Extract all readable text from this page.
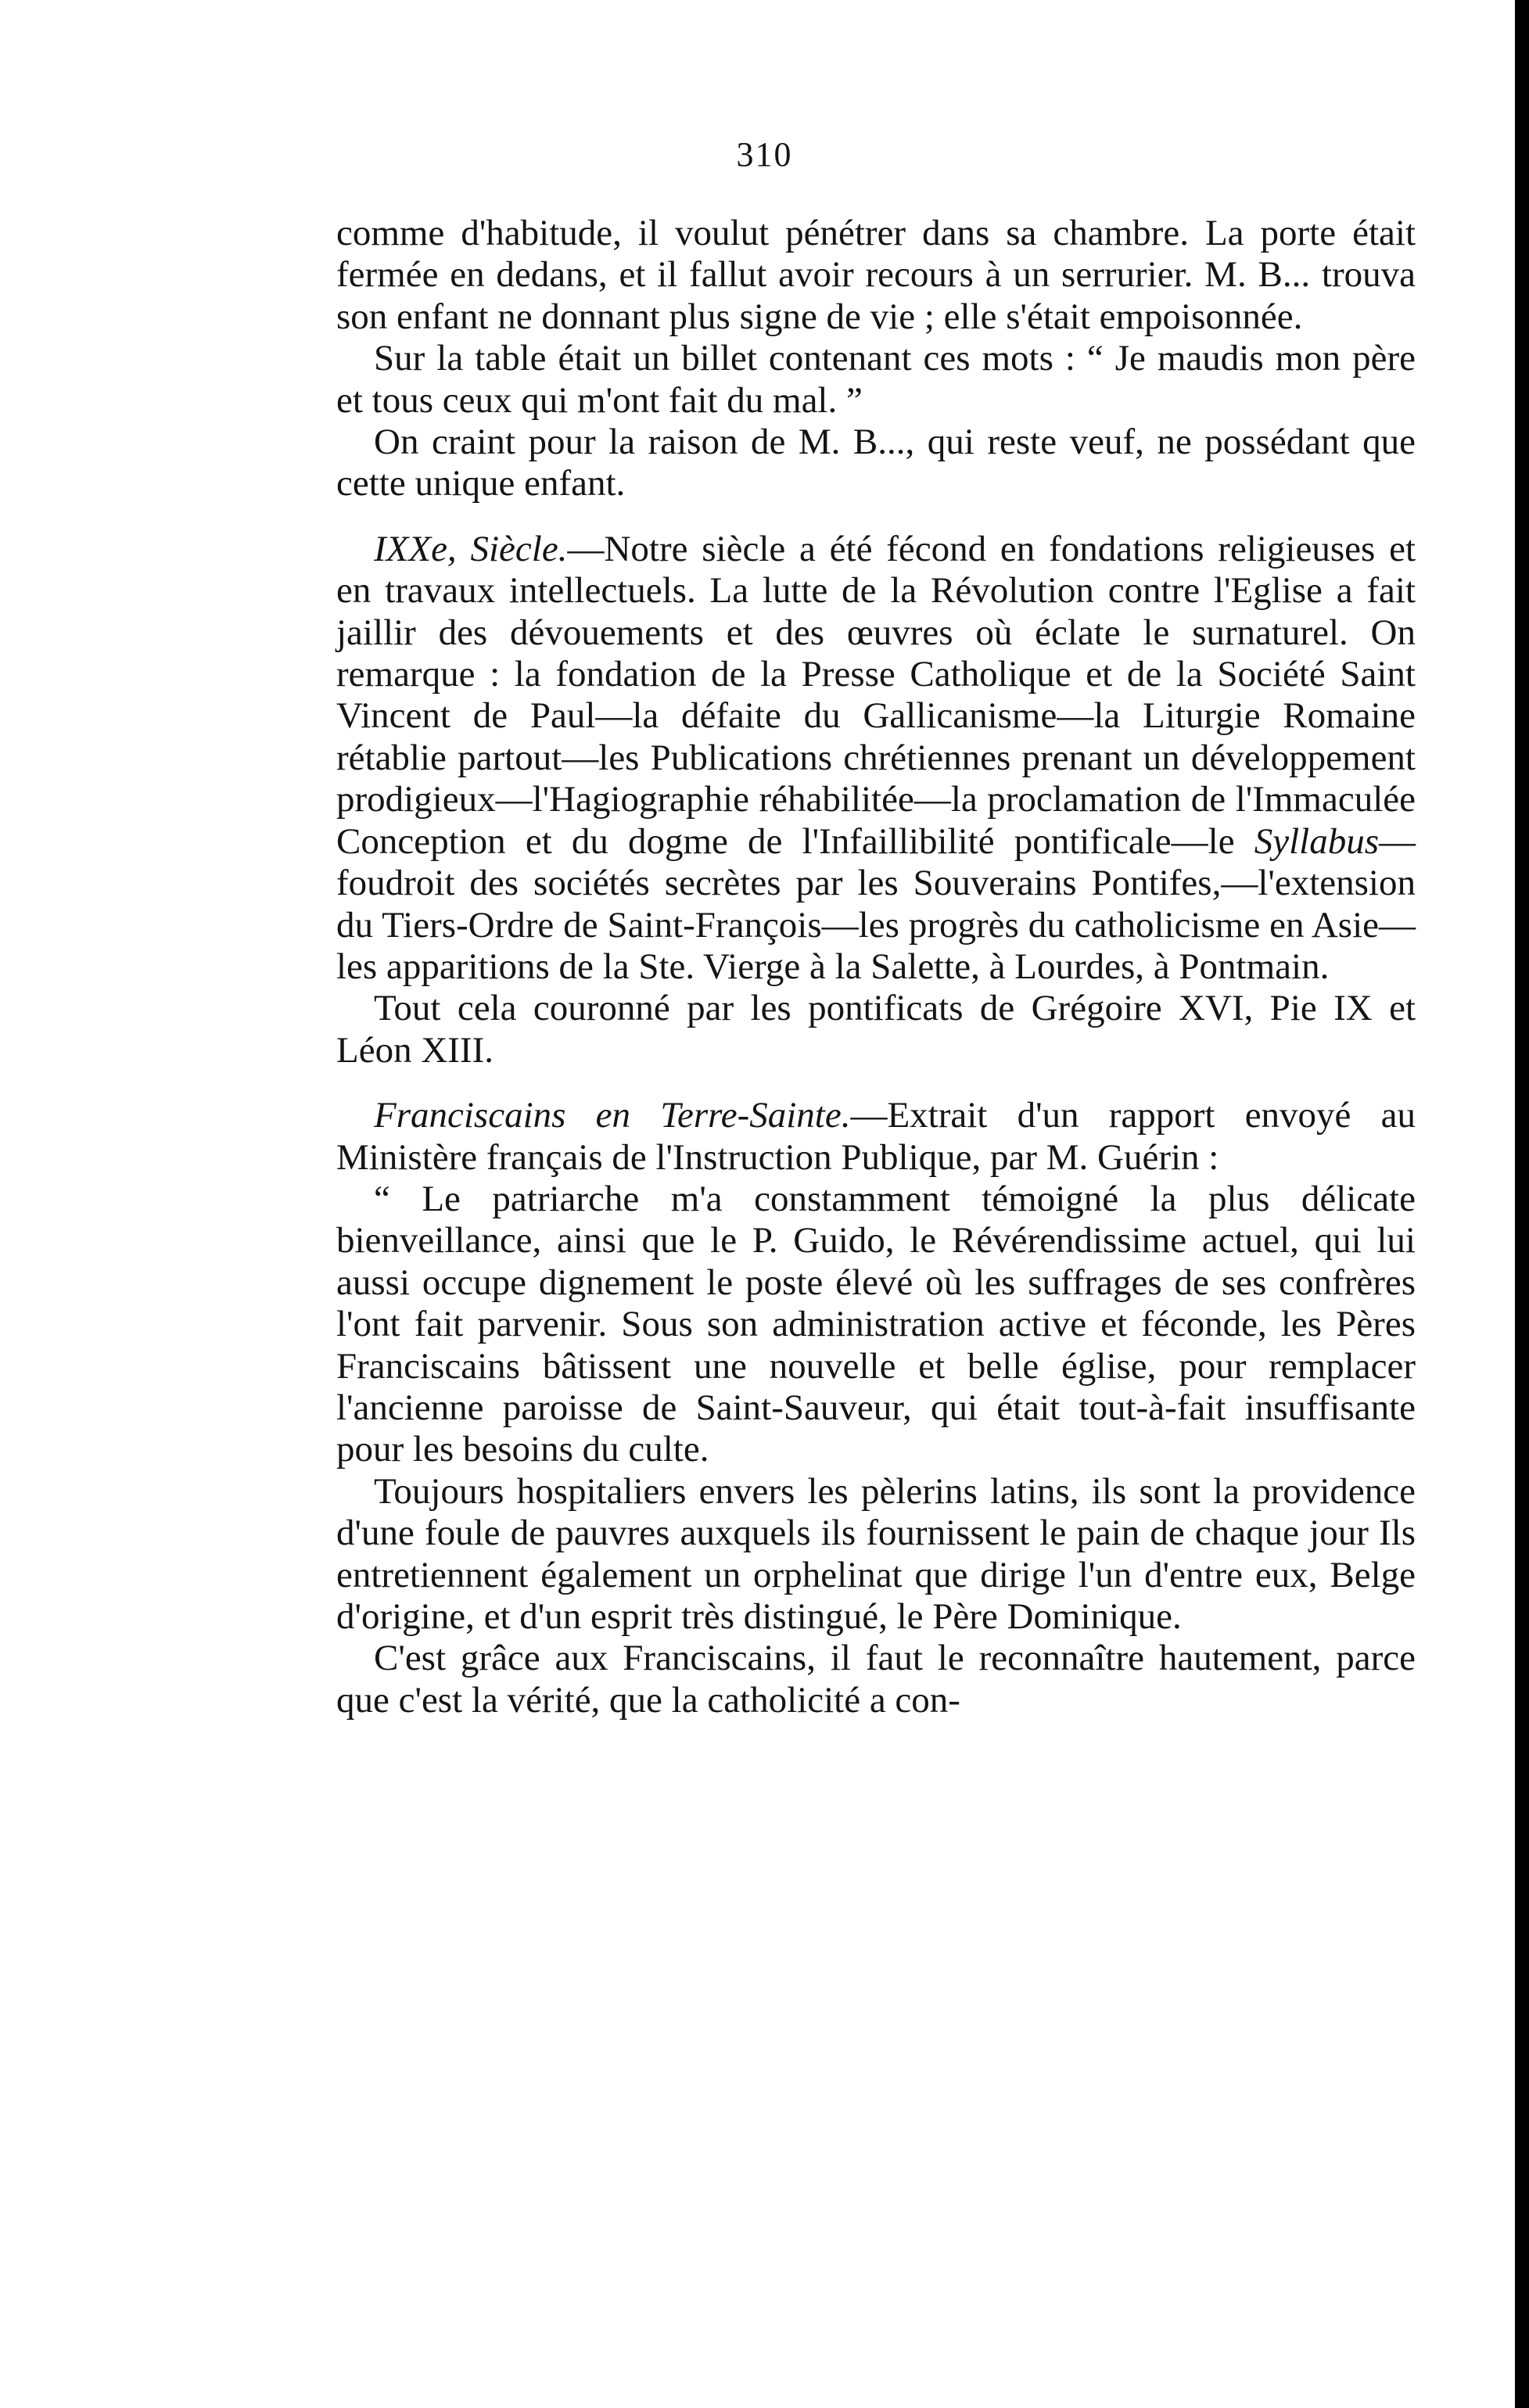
310

comme d'habitude, il voulut pénétrer dans sa chambre. La porte était fermée en dedans, et il fallut avoir recours à un serrurier. M. B... trouva son enfant ne donnant plus signe de vie ; elle s'était empoisonnée.

Sur la table était un billet contenant ces mots : “ Je maudis mon père et tous ceux qui m'ont fait du mal. ”

On craint pour la raison de M. B..., qui reste veuf, ne possédant que cette unique enfant.

IXXe, Siècle.—Notre siècle a été fécond en fondations religieuses et en travaux intellectuels. La lutte de la Révolution contre l'Eglise a fait jaillir des dévouements et des œuvres où éclate le surnaturel. On remarque : la fondation de la Presse Catholique et de la Société Saint Vincent de Paul—la défaite du Gallicanisme—la Liturgie Romaine rétablie partout—les Publications chrétiennes prenant un développement prodigieux—l'Hagiographie réhabilitée—la proclamation de l'Immaculée Conception et du dogme de l'Infaillibilité pontificale—le Syllabus—foudroit des sociétés secrètes par les Souverains Pontifes,—l'extension du Tiers-Ordre de Saint-François—les progrès du catholicisme en Asie—les apparitions de la Ste. Vierge à la Salette, à Lourdes, à Pontmain.

Tout cela couronné par les pontificats de Grégoire XVI, Pie IX et Léon XIII.

Franciscains en Terre-Sainte.—Extrait d'un rapport envoyé au Ministère français de l'Instruction Publique, par M. Guérin :

“ Le patriarche m'a constamment témoigné la plus délicate bienveillance, ainsi que le P. Guido, le Révérendissime actuel, qui lui aussi occupe dignement le poste élevé où les suffrages de ses confrères l'ont fait parvenir. Sous son administration active et féconde, les Pères Franciscains bâtissent une nouvelle et belle église, pour remplacer l'ancienne paroisse de Saint-Sauveur, qui était tout-à-fait insuffisante pour les besoins du culte.

Toujours hospitaliers envers les pèlerins latins, ils sont la providence d'une foule de pauvres auxquels ils fournissent le pain de chaque jour Ils entretiennent également un orphelinat que dirige l'un d'entre eux, Belge d'origine, et d'un esprit très distingué, le Père Dominique.

C'est grâce aux Franciscains, il faut le reconnaître hautement, parce que c'est la vérité, que la catholicité a con-
